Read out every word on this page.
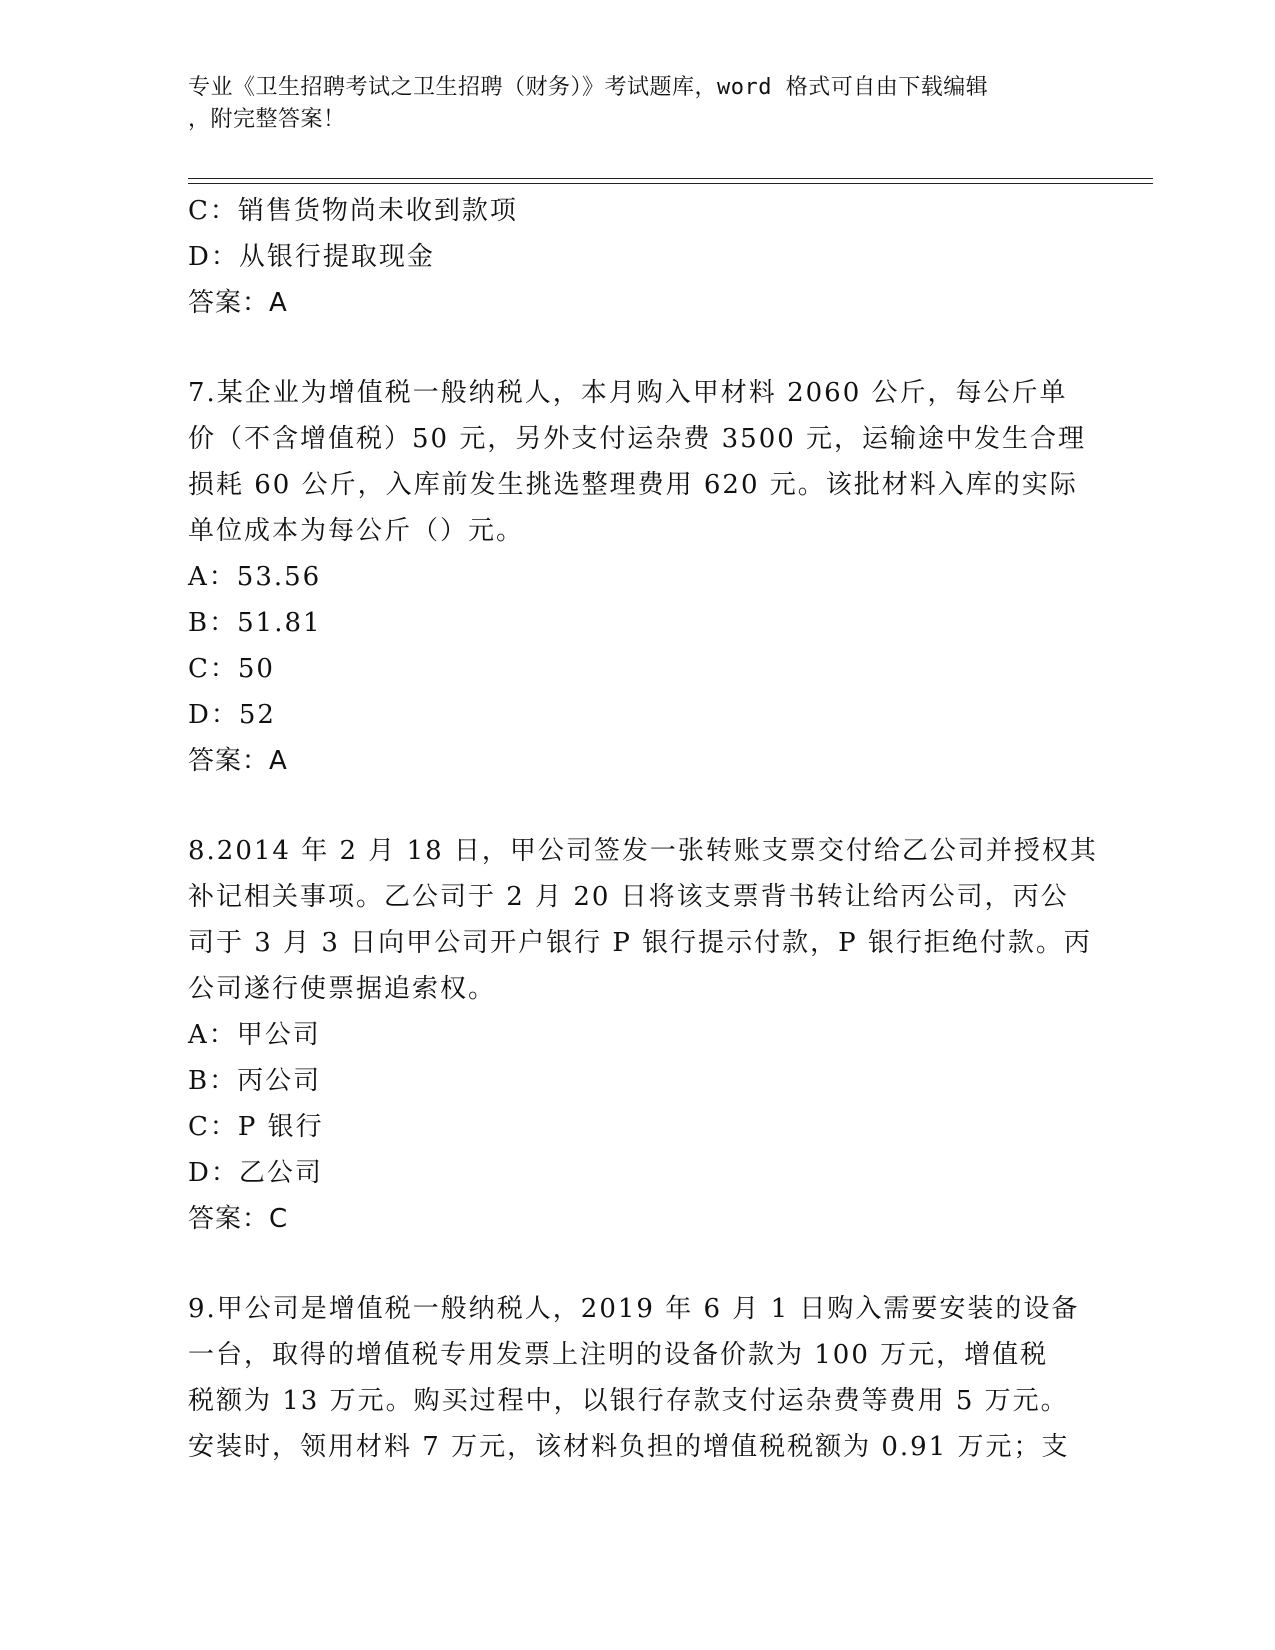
专业《卫生招聘考试之卫生招聘（财务）》考试题库，word 格式可自由下载编辑
，附完整答案！
C：销售货物尚未收到款项
D：从银行提取现金
答案：A
7.某企业为增值税一般纳税人，本月购入甲材料 2060 公斤，每公斤单
价（不含增值税）50 元，另外支付运杂费 3500 元，运输途中发生合理
损耗 60 公斤，入库前发生挑选整理费用 620 元。该批材料入库的实际
单位成本为每公斤（）元。
A：53.56
B：51.81
C：50
D：52
答案：A
8.2014 年 2 月 18 日，甲公司签发一张转账支票交付给乙公司并授权其
补记相关事项。乙公司于 2 月 20 日将该支票背书转让给丙公司，丙公
司于 3 月 3 日向甲公司开户银行 P 银行提示付款，P 银行拒绝付款。丙
公司遂行使票据追索权。
A：甲公司
B：丙公司
C：P 银行
D：乙公司
答案：C
9.甲公司是增值税一般纳税人，2019 年 6 月 1 日购入需要安装的设备
一台，取得的增值税专用发票上注明的设备价款为 100 万元，增值税
税额为 13 万元。购买过程中，以银行存款支付运杂费等费用 5 万元。
安装时，领用材料 7 万元，该材料负担的增值税税额为 0.91 万元；支
